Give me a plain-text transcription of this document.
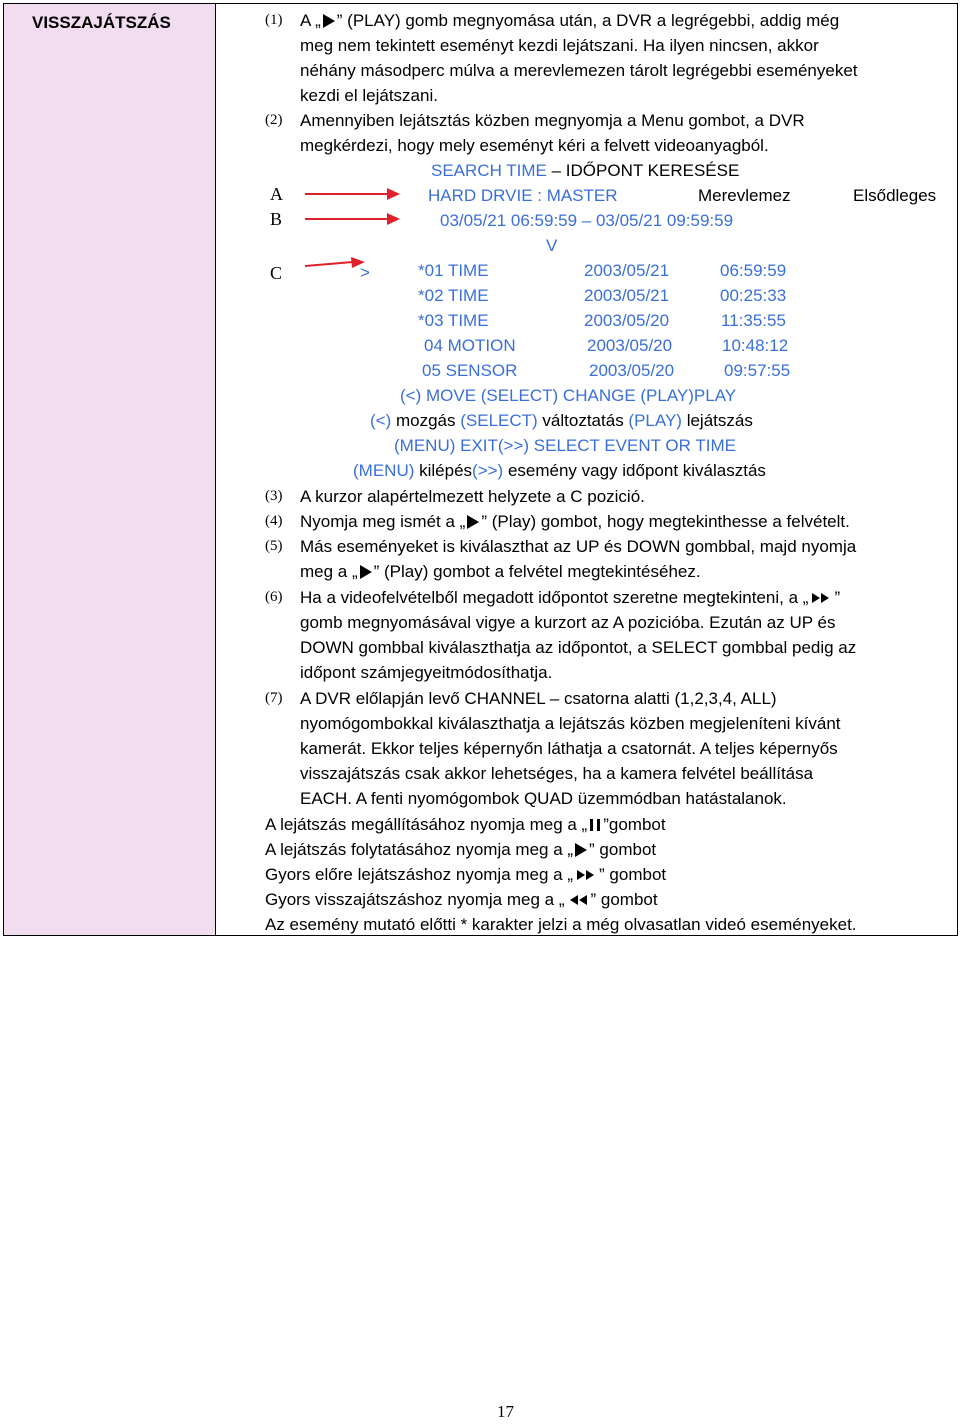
VISSZAJÁTSZÁS	(1) A „ ” (PLAY) gomb megnyomása után, a DVR a legrégebbi, addig még
meg nem tekintett eseményt kezdi lejátszani. Ha ilyen nincsen, akkor
néhány másodperc múlva a merevlemezen tárolt legrégebbi eseményeket
kezdi el lejátszani.
(2) Amennyiben lejátsztás közben megnyomja a Menu gombot, a DVR
megkérdezi, hogy mely eseményt kéri a felvett videoanyagból.
SEARCH TIME – IDŐPONT KERESÉSE
A	HARD DRVIE : MASTER	Merevlemez	Elsődleges
B	03/05/21 06:59:59 – 03/05/21 09:59:59
V
C	>	*01 TIME	2003/05/21	06:59:59
*02 TIME	2003/05/21	00:25:33
*03 TIME	2003/05/20	11:35:55
04 MOTION	2003/05/20	10:48:12
05 SENSOR	2003/05/20	09:57:55
(<) MOVE (SELECT) CHANGE (PLAY)PLAY
(<) mozgás (SELECT) változtatás (PLAY) lejátszás
(MENU) EXIT(>>) SELECT EVENT OR TIME
(MENU) kilépés(>>) esemény vagy időpont kiválasztás
(3) A kurzor alapértelmezett helyzete a C pozició.
(4) Nyomja meg ismét a „ ” (Play) gombot, hogy megtekinthesse a felvételt.
(5) Más eseményeket is kiválaszthat az UP és DOWN gombbal, majd nyomja
meg a „ ” (Play) gombot a felvétel megtekintéséhez.
(6) Ha a videofelvételből megadott időpontot szeretne megtekinteni, a „ ”
gomb megnyomásával vigye a kurzort az A pozicióba. Ezután az UP és
DOWN gombbal kiválaszthatja az időpontot, a SELECT gombbal pedig az
időpont számjegyeitmódosíthatja.
(7) A DVR előlapján levő CHANNEL – csatorna alatti (1,2,3,4, ALL)
nyomógombokkal kiválaszthatja a lejátszás közben megjeleníteni kívánt
kamerát. Ekkor teljes képernyőn láthatja a csatornát. A teljes képernyős
visszajátszás csak akkor lehetséges, ha a kamera felvétel beállítása
EACH. A fenti nyomógombok QUAD üzemmódban hatástalanok.
A lejátszás megállításához nyomja meg a „ ”gombot
A lejátszás folytatásához nyomja meg a „ ” gombot
Gyors előre lejátszáshoz nyomja meg a „ ” gombot
Gyors visszajátszáshoz nyomja meg a „ ” gombot
Az esemény mutató előtti * karakter jelzi a még olvasatlan videó eseményeket.
17
